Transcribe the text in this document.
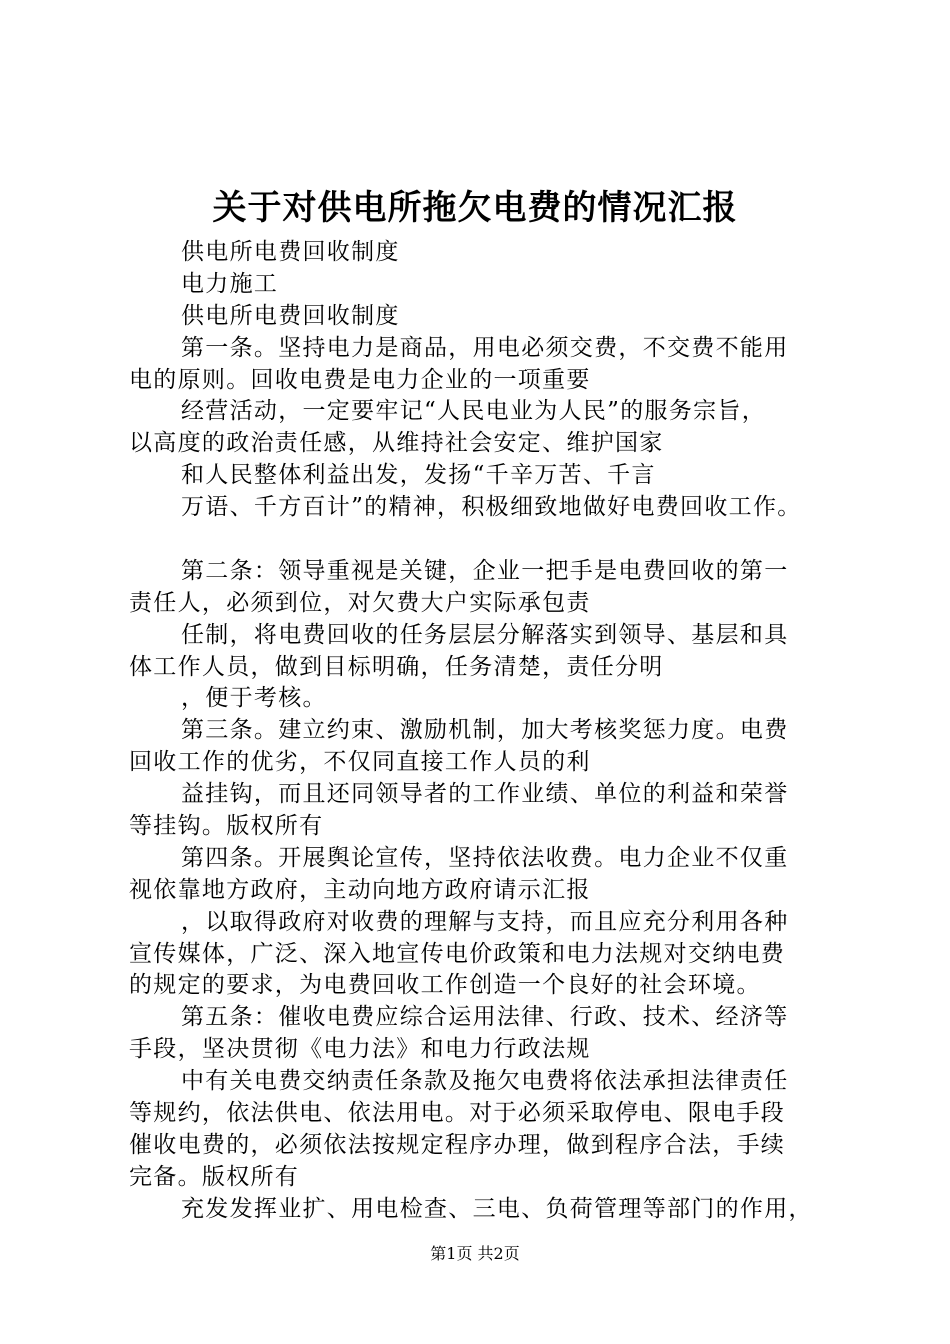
关于对供电所拖欠电费的情况汇报
供电所电费回收制度
电力施工
供电所电费回收制度
第一条。坚持电力是商品，用电必须交费，不交费不能用
电的原则。回收电费是电力企业的一项重要
经营活动，一定要牢记“人民电业为人民”的服务宗旨，
以高度的政治责任感，从维持社会安定、维护国家
和人民整体利益出发，发扬“千辛万苦、千言
万语、千方百计”的精神，积极细致地做好电费回收工作。
第二条：领导重视是关键，企业一把手是电费回收的第一
责任人，必须到位，对欠费大户实际承包责
任制，将电费回收的任务层层分解落实到领导、基层和具
体工作人员，做到目标明确，任务清楚，责任分明
，便于考核。
第三条。建立约束、激励机制，加大考核奖惩力度。电费
回收工作的优劣，不仅同直接工作人员的利
益挂钩，而且还同领导者的工作业绩、单位的利益和荣誉
等挂钩。版权所有
第四条。开展舆论宣传，坚持依法收费。电力企业不仅重
视依靠地方政府，主动向地方政府请示汇报
，以取得政府对收费的理解与支持，而且应充分利用各种
宣传媒体，广泛、深入地宣传电价政策和电力法规对交纳电费
的规定的要求，为电费回收工作创造一个良好的社会环境。
第五条：催收电费应综合运用法律、行政、技术、经济等
手段，坚决贯彻《电力法》和电力行政法规
中有关电费交纳责任条款及拖欠电费将依法承担法律责任
等规约，依法供电、依法用电。对于必须采取停电、限电手段
催收电费的，必须依法按规定程序办理，做到程序合法，手续
完备。版权所有
充发发挥业扩、用电检查、三电、负荷管理等部门的作用，
第1页 共2页
